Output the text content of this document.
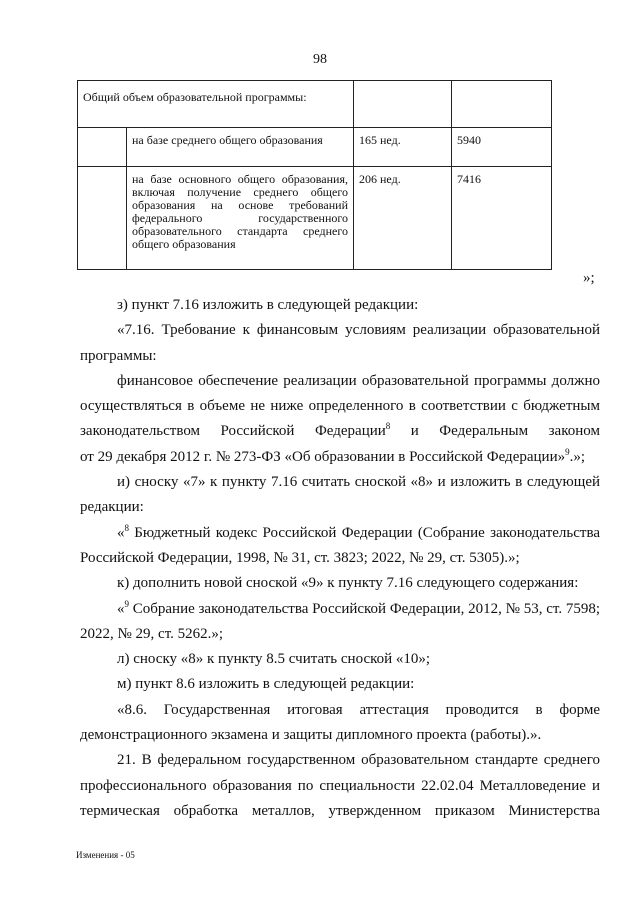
98
Общий объем образовательной программы:			
	на базе среднего общего образования	165 нед.	5940
	на базе основного общего образования, включая получение среднего общего образования на основе требований федерального государственного образовательного стандарта среднего общего образования	206 нед.	7416
»;

з) пункт 7.16 изложить в следующей редакции:

«7.16. Требование к финансовым условиям реализации образовательной программы:

финансовое обеспечение реализации образовательной программы должно осуществляться в объеме не ниже определенного в соответствии с бюджетным

законодательством Российской Федерации$^8$ и Федеральным законом

от 29 декабря 2012 г. № 273-ФЗ «Об образовании в Российской Федерации»$^9$.»;

и) сноску «7» к пункту 7.16 считать сноской «8» и изложить в следующей редакции:

«$^8$ Бюджетный кодекс Российской Федерации (Собрание законодательства Российской Федерации, 1998, № 31, ст. 3823; 2022, № 29, ст. 5305).»;

к) дополнить новой сноской «9» к пункту 7.16 следующего содержания:

«$^9$ Собрание законодательства Российской Федерации, 2012, № 53, ст. 7598; 2022, № 29, ст. 5262.»;

л) сноску «8» к пункту 8.5 считать сноской «10»;

м) пункт 8.6 изложить в следующей редакции:

«8.6. Государственная итоговая аттестация проводится в форме демонстрационного экзамена и защиты дипломного проекта (работы).».

21. В федеральном государственном образовательном стандарте среднего профессионального образования по специальности 22.02.04 Металловедение и термическая обработка металлов, утвержденном приказом Министерства

Изменения - 05
